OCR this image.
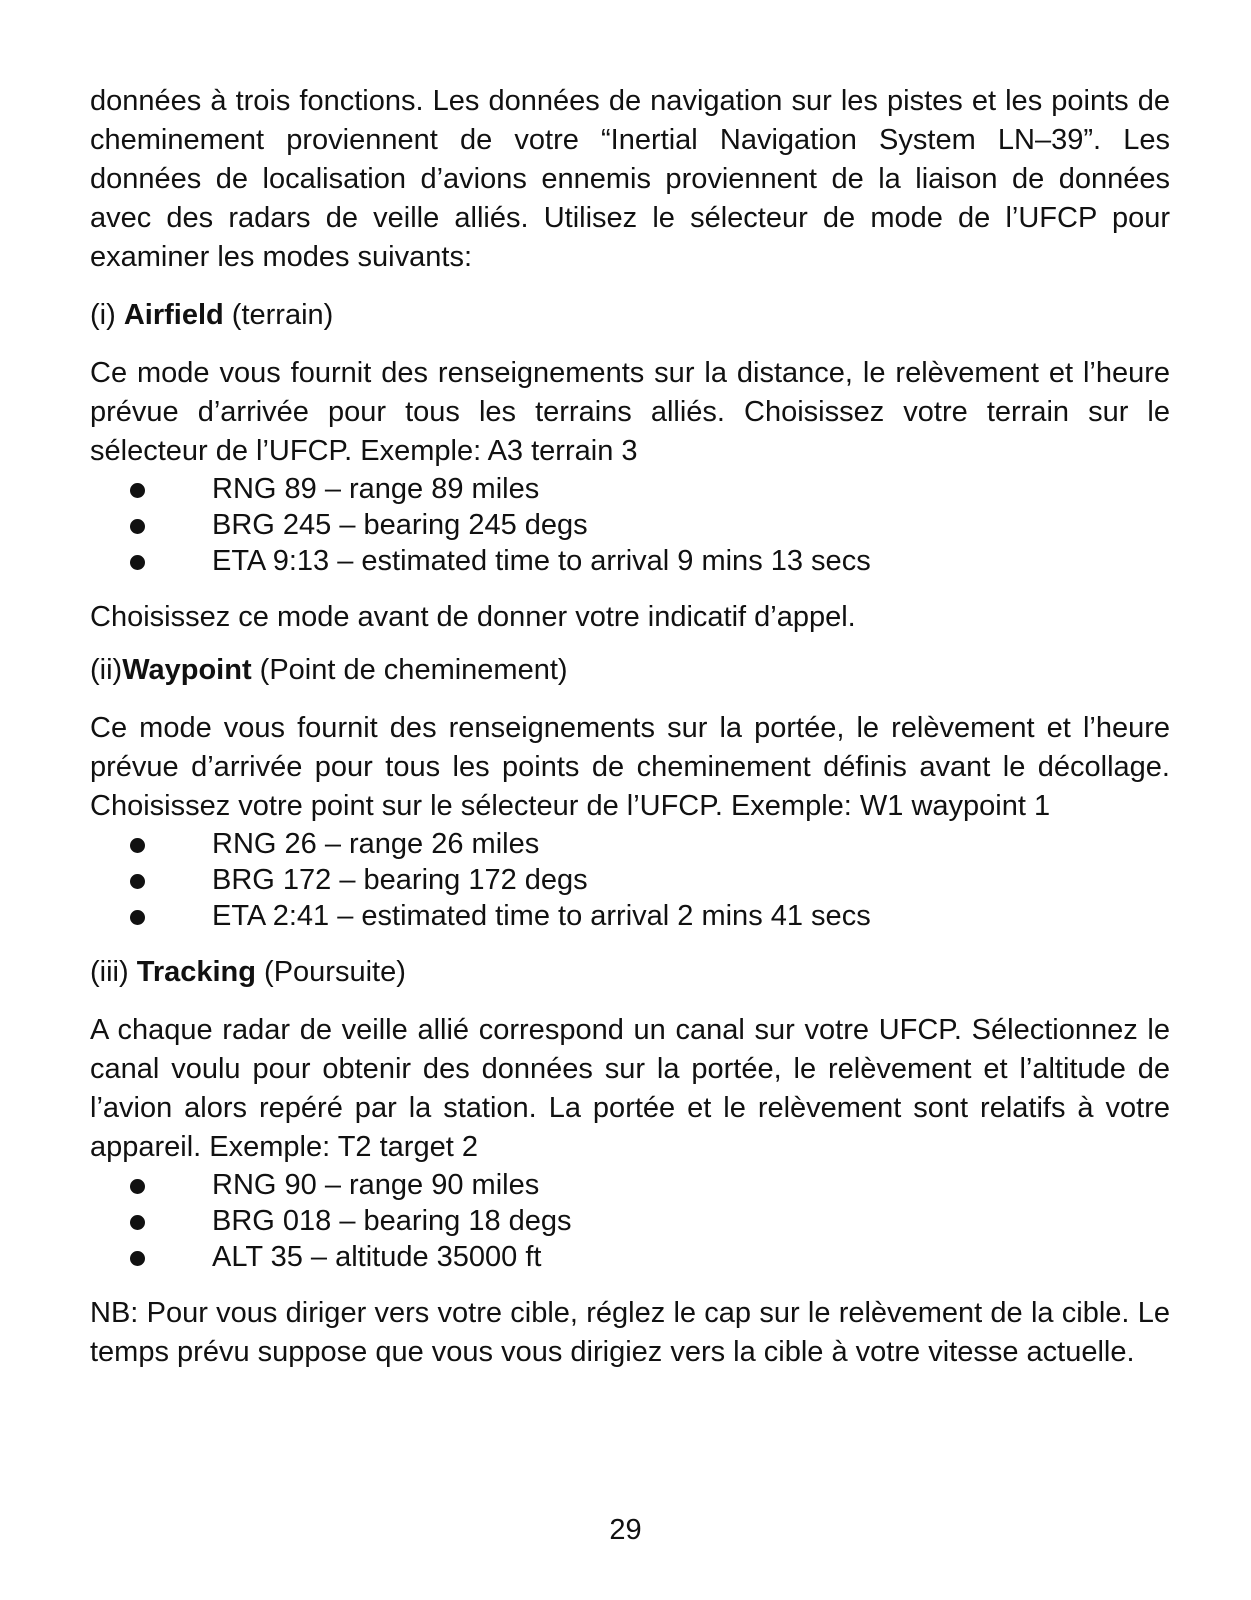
données à trois fonctions. Les données de navigation sur les pistes et les points de cheminement proviennent de votre “Inertial Navigation System LN–39”. Les données de localisation d’avions ennemis proviennent de la liaison de données avec des radars de veille alliés. Utilisez le sélecteur de mode de l’UFCP pour examiner les modes suivants:

(i) Airfield (terrain)

Ce mode vous fournit des renseignements sur la distance, le relèvement et l’heure prévue d’arrivée pour tous les terrains alliés. Choisissez votre terrain sur le sélecteur de l’UFCP. Exemple: A3 terrain 3

RNG 89 – range 89 miles
BRG 245 – bearing 245 degs
ETA 9:13 – estimated time to arrival 9 mins 13 secs

Choisissez ce mode avant de donner votre indicatif d’appel.

(ii)Waypoint (Point de cheminement)

Ce mode vous fournit des renseignements sur la portée, le relèvement et l’heure prévue d’arrivée pour tous les points de cheminement définis avant le décollage. Choisissez votre point sur le sélecteur de l’UFCP. Exemple: W1 waypoint 1

RNG 26 – range 26 miles
BRG 172 – bearing 172 degs
ETA 2:41 – estimated time to arrival 2 mins 41 secs

(iii) Tracking (Poursuite)

A chaque radar de veille allié correspond un canal sur votre UFCP. Sélectionnez le canal voulu pour obtenir des données sur la portée, le relèvement et l’altitude de l’avion alors repéré par la station. La portée et le relèvement sont relatifs à votre appareil. Exemple: T2 target 2

RNG 90 – range 90 miles
BRG 018 – bearing 18 degs
ALT 35 – altitude 35000 ft

NB: Pour vous diriger vers votre cible, réglez le cap sur le relèvement de la cible. Le temps prévu suppose que vous vous dirigiez vers la cible à votre vitesse actuelle.

29
